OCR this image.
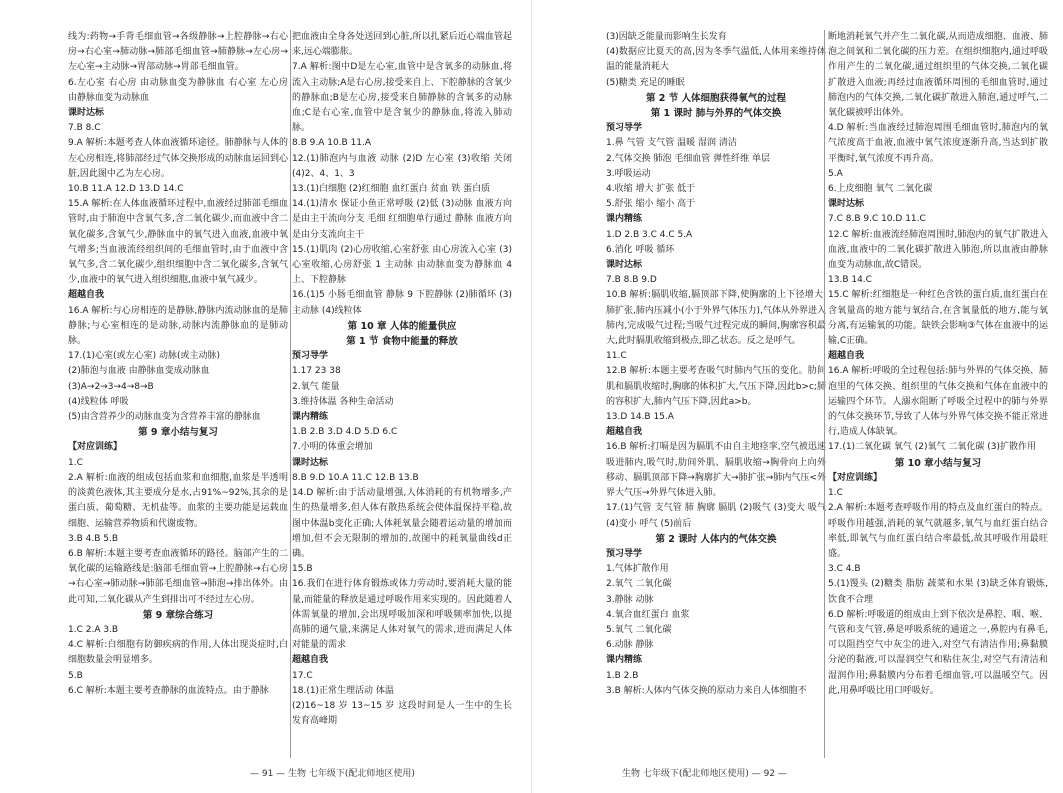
线为:药物→手背毛细血管→各级静脉→上腔静脉→右心房→右心室→肺动脉→肺部毛细血管→肺静脉→左心房→左心室→主动脉→胃部动脉→胃部毛细血管。
6.左心室 右心房 由动脉血变为静脉血 右心室 左心房 由静脉血变为动脉血
课时达标
7.B 8.C
9.A 解析:本题考查人体血液循环途径。肺静脉与人体的左心房相连,将肺部经过气体交换形成的动脉血运回到心脏,因此图中乙为左心房。
10.B 11.A 12.D 13.D 14.C
15.A 解析:在人体血液循环过程中,血液经过肺部毛细血管时,由于肺泡中含氧气多,含二氧化碳少,而血液中含二氧化碳多,含氧气少,静脉血中的氧气进入血液,血液中氧气增多;当血液流经组织间的毛细血管时,由于血液中含氧气多,含二氧化碳少,组织细胞中含二氧化碳多,含氧气少,血液中的氧气进入组织细胞,血液中氧气减少。
超越自我
16.A 解析:与心房相连的是静脉,静脉内流动脉血的是肺静脉;与心室相连的是动脉,动脉内流静脉血的是肺动脉。
17.(1)心室(或左心室) 动脉(或主动脉)
(2)肺泡与血液 由静脉血变成动脉血
(3)A→2→3→4→8→B
(4)线粒体 呼吸
(5)由含营养少的动脉血变为含营养丰富的静脉血
第 9 章小结与复习
【对应训练】
1.C
2.A 解析:血液的组成包括血浆和血细胞,血浆是半透明的淡黄色液体,其主要成分是水,占91%~92%,其余的是蛋白质、葡萄糖、无机盐等。血浆的主要功能是运载血细胞、运输营养物质和代谢废物。
3.B 4.B 5.B
6.B 解析:本题主要考查血液循环的路径。脑部产生的二氧化碳的运输路线是:脑部毛细血管→上腔静脉→右心房→右心室→肺动脉→肺部毛细血管→肺泡→排出体外。由此可知,二氧化碳从产生到排出可不经过左心房。
第 9 章综合练习
1.C 2.A 3.B
4.C 解析:白细胞有防御疾病的作用,人体出现炎症时,白细胞数量会明显增多。
5.B
6.C 解析:本题主要考查静脉的血流特点。由于静脉
把血液由全身各处送回到心脏,所以扎紧后近心端血管起来,远心端膨胀。
7.A 解析:图中D是左心室,血管中是含氧多的动脉血,将流入主动脉;A是右心房,接受来自上、下腔静脉的含氧少的静脉血;B是左心房,接受来自肺静脉的含氧多的动脉血;C是右心室,血管中是含氧少的静脉血,将流入肺动脉。
8.B 9.A 10.B 11.A
12.(1)肺泡内与血液 动脉 (2)D 左心室 (3)收缩 关闭 (4)2、4、1、3
13.(1)白细胞 (2)红细胞 血红蛋白 贫血 铁 蛋白质
14.(1)清水 保证小鱼正常呼吸 (2)低 (3)动脉 血液方向是由主干流向分支 毛细 红细胞单行通过 静脉 血液方向是由分支流向主干
15.(1)肌肉 (2)心房收缩,心室舒张 由心房流入心室 (3)心室收缩,心房舒张 1 主动脉 由动脉血变为静脉血 4 上、下腔静脉
16.(1)5 小肠毛细血管 静脉 9 下腔静脉 (2)肺循环 (3)主动脉 (4)线粒体
第 10 章 人体的能量供应
第 1 节 食物中能量的释放
预习导学
1.17 23 38
2.氧气 能量
3.维持体温 各种生命活动
课内精练
1.B 2.B 3.D 4.D 5.D 6.C
7.小明的体重会增加
课时达标
8.B 9.D 10.A 11.C 12.B 13.B
14.D 解析:由于活动量增强,人体消耗的有机物增多,产生的热量增多,但人体有散热系统会使体温保持平稳,故图中体温b变化正确;人体耗氧量会随着运动量的增加而增加,但不会无限制的增加的,故图中的耗氧量曲线d正确。
15.B
16.我们在进行体育锻炼或体力劳动时,要消耗大量的能量,而能量的释放是通过呼吸作用来实现的。因此随着人体需氧量的增加,会出现呼吸加深和呼吸频率加快,以提高肺的通气量,来满足人体对氧气的需求,进而满足人体对能量的需求
超越自我
17.C
18.(1)正常生理活动 体温
(2)16~18 岁 13~15 岁 这段时间是人一生中的生长发育高峰期
— 91 — 生物 七年级下(配北师地区使用)
(3)因缺乏能量而影响生长发育
(4)数据应比夏天的高,因为冬季气温低,人体用来维持体温的能量消耗大
(5)糖类 充足的睡眠
第 2 节 人体细胞获得氧气的过程
第 1 课时 肺与外界的气体交换
预习导学
1.鼻 气管 支气管 温暖 湿润 清洁
2.气体交换 肺泡 毛细血管 弹性纤维 单层
3.呼吸运动
4.收缩 增大 扩张 低于
5.舒张 缩小 缩小 高于
课内精练
1.D 2.B 3.C 4.C 5.A
6.消化 呼吸 循环
课时达标
7.B 8.B 9.D
10.B 解析:膈肌收缩,膈顶部下降,使胸廓的上下径增大,肺扩张,肺内压减小(小于外界气体压力),气体从外界进入肺内,完成吸气过程;当吸气过程完成的瞬间,胸廓容积最大,此时膈肌收缩到极点,即乙状态。反之是呼气。
11.C
12.B 解析:本题主要考查吸气时肺内气压的变化。肋间肌和膈肌收缩时,胸廓的体积扩大,气压下降,因此b>c;肺的容积扩大,肺内气压下降,因此a>b。
13.D 14.B 15.A
超越自我
16.B 解析:打嗝是因为膈肌不由自主地痉挛,空气被迅速吸进肺内,吸气时,肋间外肌、膈肌收缩→胸骨向上向外移动、膈肌顶部下降→胸廓扩大→肺扩张→肺内气压<外界大气压→外界气体进入肺。
17.(1)气管 支气管 肺 胸廓 膈肌 (2)吸气 (3)变大 吸气 (4)变小 呼气 (5)前后
第 2 课时 人体内的气体交换
预习导学
1.气体扩散作用
2.氧气 二氧化碳
3.静脉 动脉
4.氧合血红蛋白 血浆
5.氧气 二氧化碳
6.动脉 静脉
课内精练
1.B 2.B
3.B 解析:人体内气体交换的原动力来自人体细胞不
断地消耗氧气并产生二氧化碳,从而造成细胞、血液、肺泡之间氧和二氧化碳的压力差。在组织细胞内,通过呼吸作用产生的二氧化碳,通过组织里的气体交换,二氧化碳扩散进入血液;再经过血液循环周围的毛细血管时,通过肺泡内的气体交换,二氧化碳扩散进入肺泡,通过呼气,二氧化碳被呼出体外。
4.D 解析:当血液经过肺泡周围毛细血管时,肺泡内的氧气浓度高于血液,血液中氧气浓度逐渐升高,当达到扩散平衡时,氧气浓度不再升高。
5.A
6.上皮细胞 氧气 二氧化碳
课时达标
7.C 8.B 9.C 10.D 11.C
12.C 解析:血液流经肺泡周围时,肺泡内的氧气扩散进入血液,血液中的二氧化碳扩散进入肺泡,所以血液由静脉血变为动脉血,故C错误。
13.B 14.C
15.C 解析:红细胞是一种红色含铁的蛋白质,血红蛋白在含氧量高的地方能与氧结合,在含氧量低的地方,能与氧分离,有运输氧的功能。缺铁会影响③气体在血液中的运输,C正确。
超越自我
16.A 解析:呼吸的全过程包括:肺与外界的气体交换、肺泡里的气体交换、组织里的气体交换和气体在血液中的运输四个环节。人溺水阻断了呼吸全过程中的肺与外界的气体交换环节,导致了人体与外界气体交换不能正常进行,造成人体缺氧。
17.(1)二氧化碳 氧气 (2)氧气 二氧化碳 (3)扩散作用
第 10 章小结与复习
【对应训练】
1.C
2.A 解析:本题考查呼吸作用的特点及血红蛋白的特点。呼吸作用越强,消耗的氧气就越多,氧气与血红蛋白结合率低,即氧气与血红蛋白结合率最低,故其呼吸作用最旺盛。
3.C 4.B
5.(1)馒头 (2)糖类 脂肪 蔬菜和水果 (3)缺乏体育锻炼,饮食不合理
6.D 解析:呼吸道的组成由上到下依次是鼻腔、咽、喉、气管和支气管,鼻是呼吸系统的通道之一,鼻腔内有鼻毛,可以阻挡空气中灰尘的进入,对空气有清洁作用;鼻黏膜分泌的黏液,可以湿润空气和粘住灰尘,对空气有清洁和湿润作用;鼻黏膜内分布着毛细血管,可以温暖空气。因此,用鼻呼吸比用口呼吸好。
生物 七年级下(配北师地区使用) — 92 —
